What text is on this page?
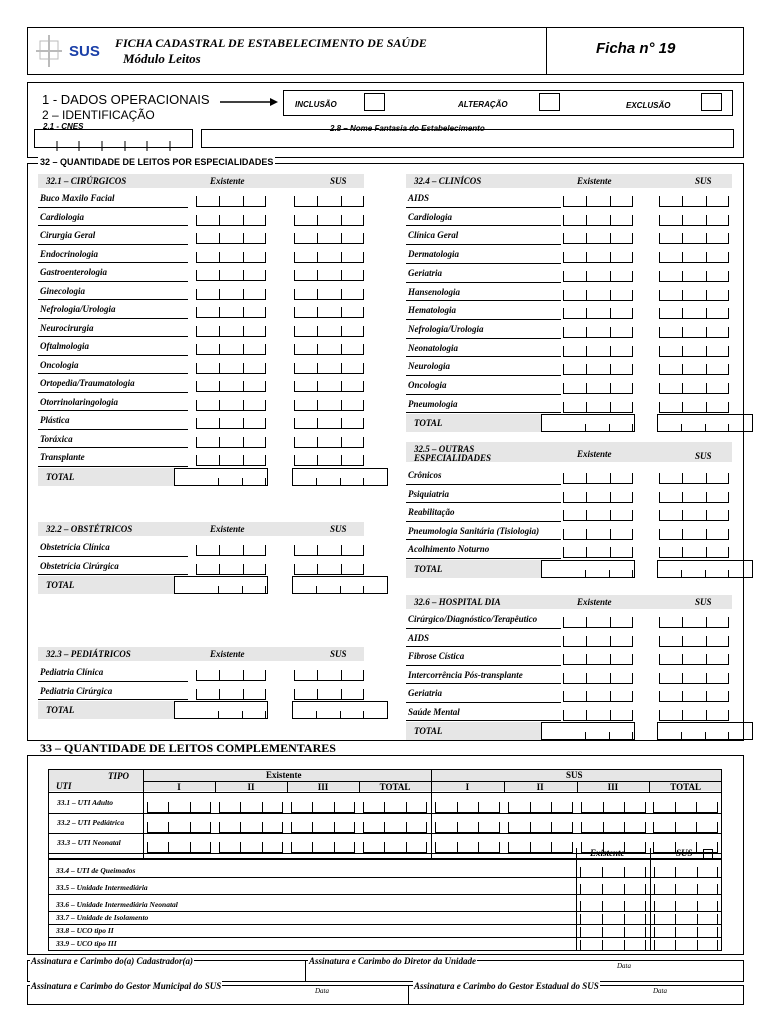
SUS FICHA CADASTRAL DE ESTABELECIMENTO DE SAÚDE
Módulo Leitos
Ficha n° 19
1 - DADOS OPERACIONAIS
2 – IDENTIFICAÇÃO
INCLUSÃO	ALTERAÇÃO	EXCLUSÃO
2.1 - CNES	2.8 – Nome Fantasia do Estabelecimento
32 – QUANTIDADE DE LEITOS POR ESPECIALIDADES
32.1 – CIRÚRGICOS	Existente	SUS
Buco Maxilo Facial
Cardiologia
Cirurgia Geral
Endocrinologia
Gastroenterologia
Ginecologia
Nefrologia/Urologia
Neurocirurgia
Oftalmologia
Oncologia
Ortopedia/Traumatologia
Otorrinolaringologia
Plástica
Toráxica
Transplante
TOTAL
32.2 – OBSTÉTRICOS	Existente	SUS
Obstetrícia Clínica
Obstetrícia Cirúrgica
TOTAL
32.3 – PEDIÁTRICOS	Existente	SUS
Pediatria Clínica
Pediatria Cirúrgica
TOTAL
32.4 – CLINÍCOS	Existente	SUS
AIDS
Cardiologia
Clínica Geral
Dermatologia
Geriatria
Hansenologia
Hematologia
Nefrologia/Urologia
Neonatologia
Neurologia
Oncologia
Pneumologia
TOTAL
32.5 – OUTRAS
ESPECIALIDADES	Existente	SUS
Crônicos
Psiquiatria
Reabilitação
Pneumologia Sanitária (Tisiologia)
Acolhimento Noturno
TOTAL
32.6 – HOSPITAL DIA	Existente	SUS
Cirúrgico/Diagnóstico/Terapêutico
AIDS
Fibrose Cística
Intercorrência Pós-transplante
Geriatria
Saúde Mental
TOTAL
33 – QUANTIDADE DE LEITOS COMPLEMENTARES
TIPO
UTI
Existente	SUS
I	II	III	TOTAL	I	II	III	TOTAL
33.1 – UTI Adulto
33.2 – UTI Pediátrica
33.3 – UTI Neonatal
Existente	SUS
33.4 – UTI de Queimados
33.5 – Unidade Intermediária
33.6 – Unidade Intermediária Neonatal
33.7 – Unidade de Isolamento
33.8 – UCO tipo II
33.9 – UCO tipo III
Assinatura e Carimbo do(a) Cadastrador(a)	Assinatura e Carimbo do Diretor da Unidade	Data
Assinatura e Carimbo do Gestor Municipal do SUS	Data	Assinatura e Carimbo do Gestor Estadual do SUS	Data
